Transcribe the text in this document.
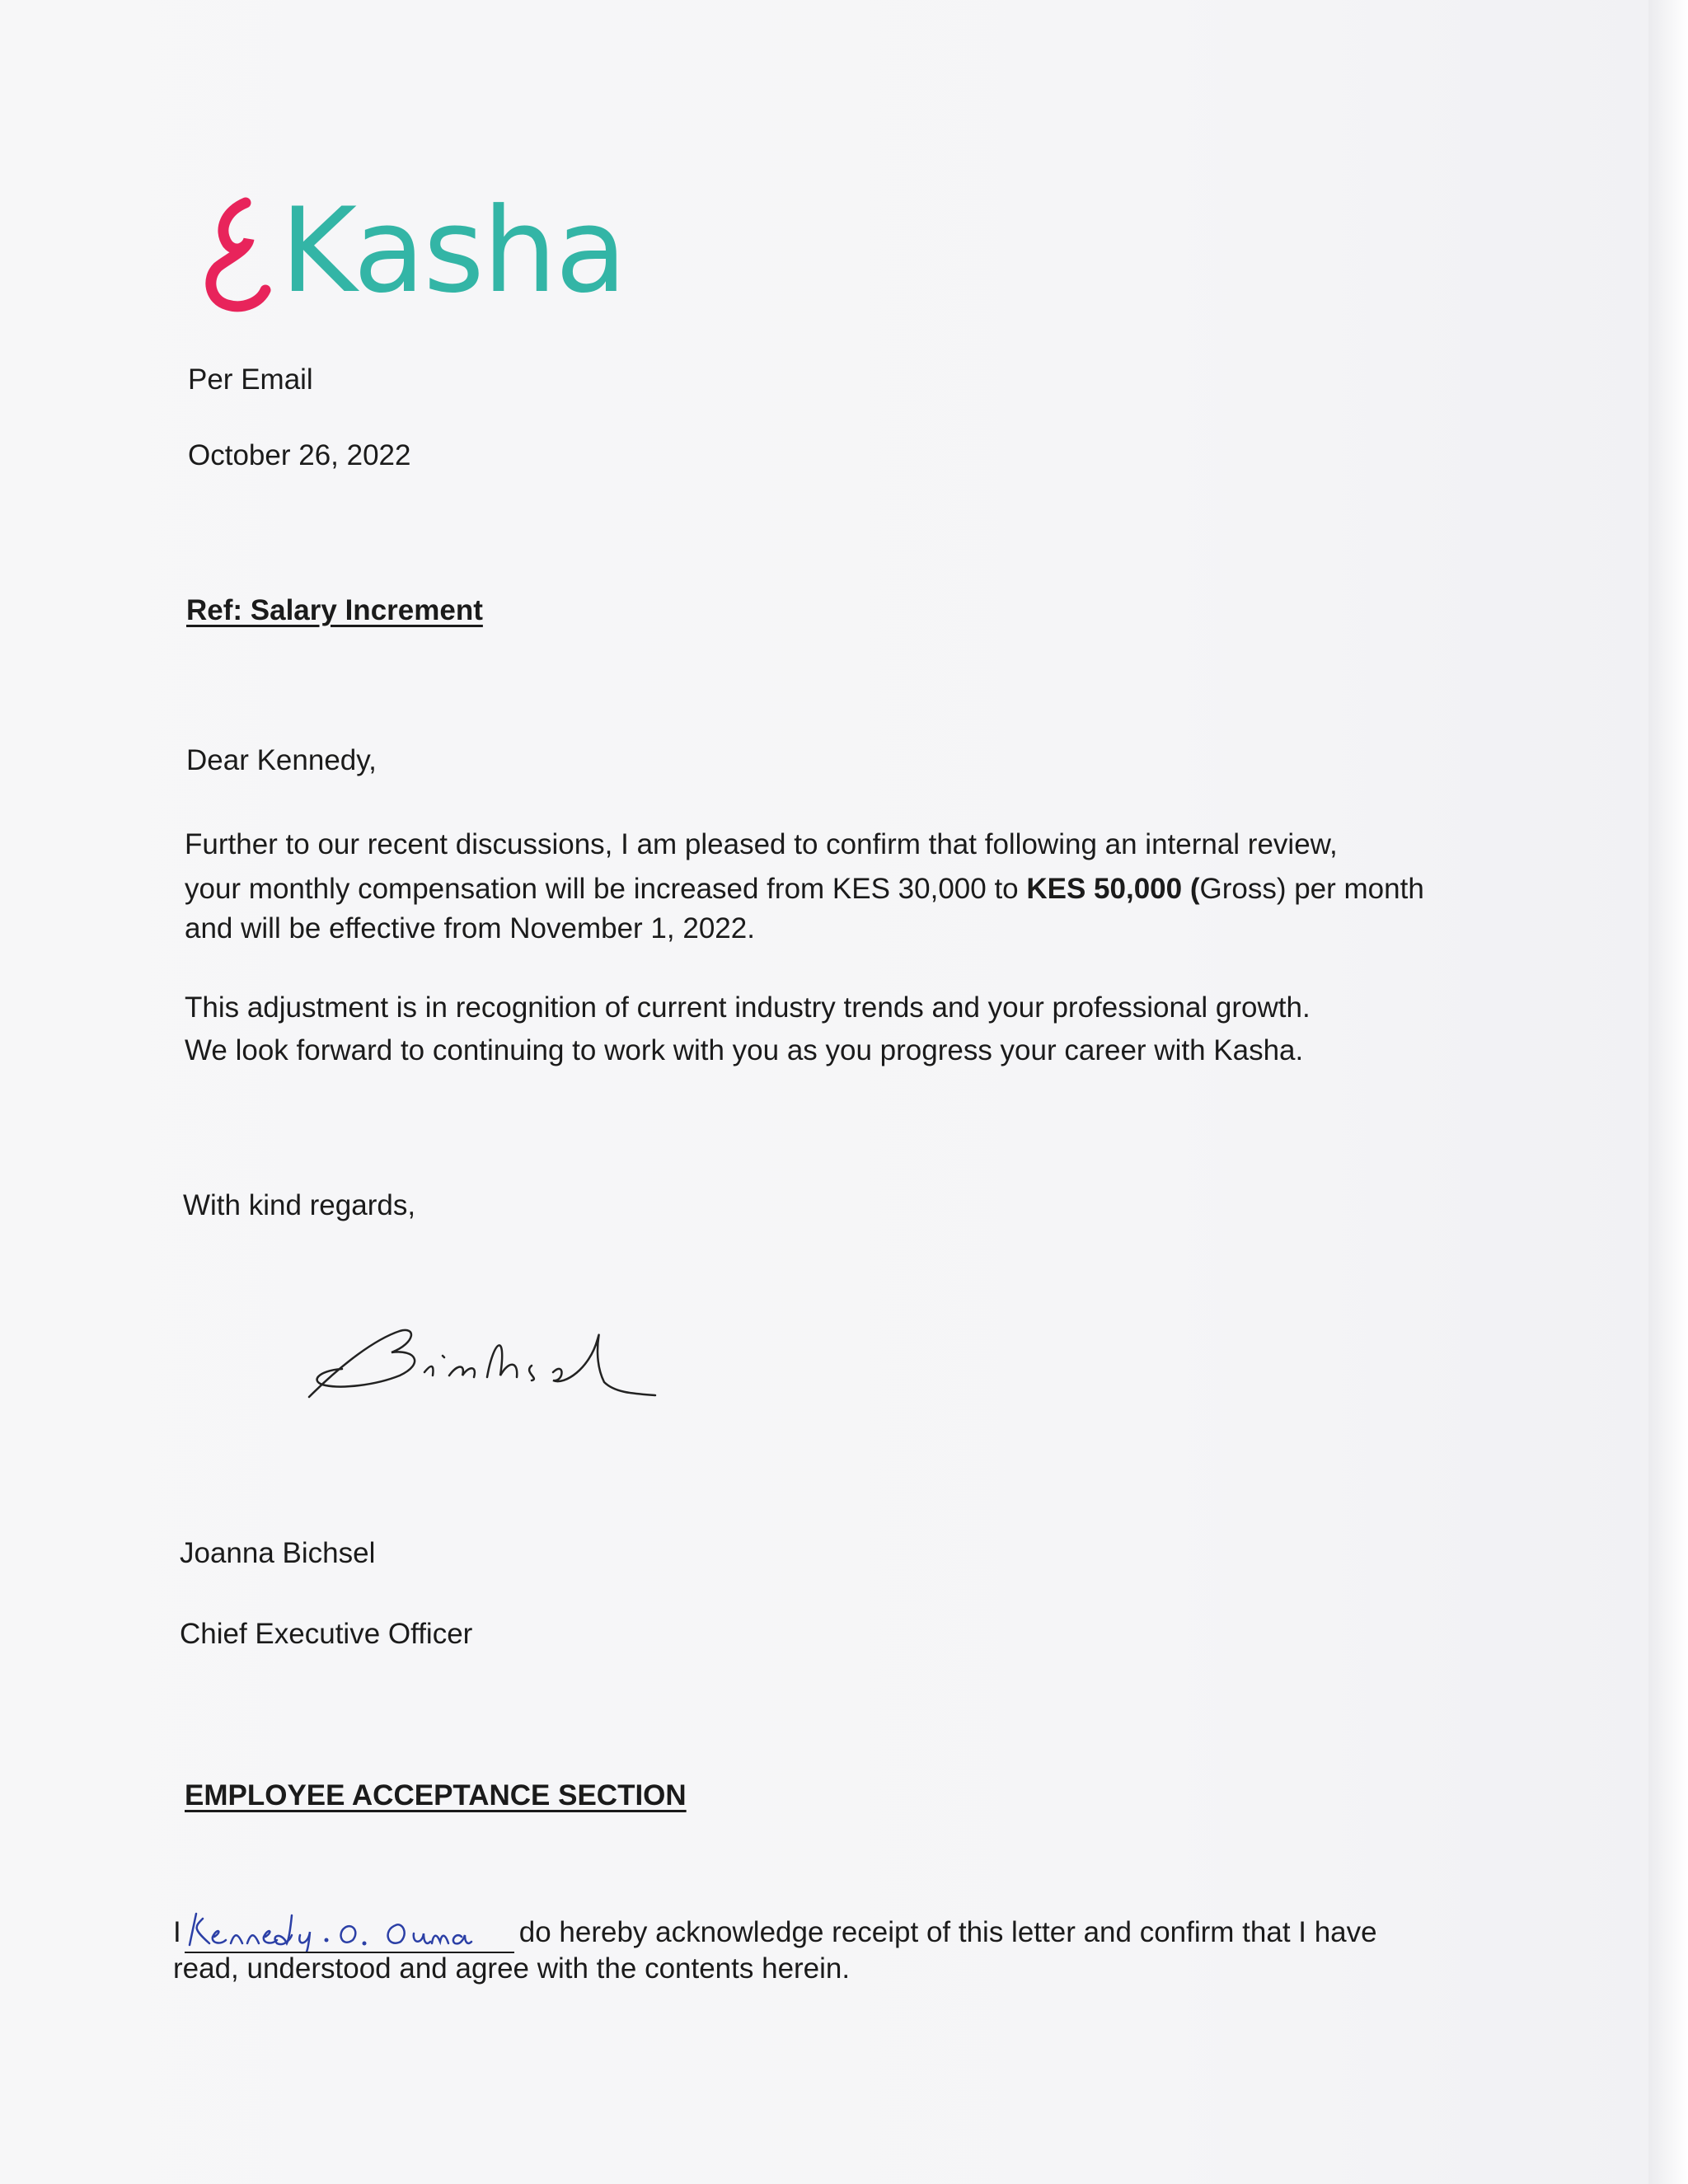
Kasha
Per Email
October 26, 2022
Ref: Salary Increment
Dear Kennedy,
Further to our recent discussions, I am pleased to confirm that following an internal review,
your monthly compensation will be increased from KES 30,000 to KES 50,000 (Gross) per month
and will be effective from November 1, 2022.
This adjustment is in recognition of current industry trends and your professional growth.
We look forward to continuing to work with you as you progress your career with Kasha.
With kind regards,
Joanna Bichsel
Chief Executive Officer
EMPLOYEE ACCEPTANCE SECTION
I	do hereby acknowledge receipt of this letter and confirm that I have
read, understood and agree with the contents herein.
